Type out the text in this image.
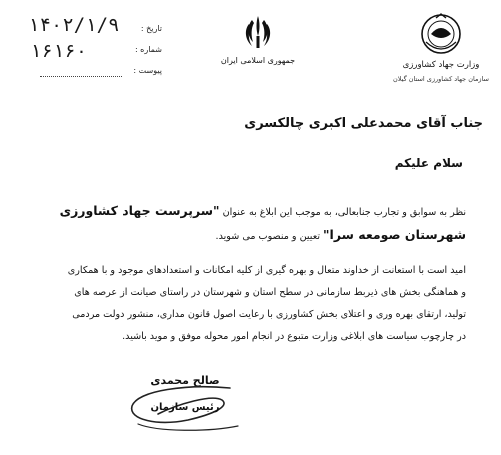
۱۴۰۲/۱/۹
۱۶۱۶۰
تاریخ :
شماره :
پیوست :
جمهوری اسلامی ایران	وزارت جهاد کشاورزی
سازمان جهاد کشاورزی استان گیلان
جناب آقای محمدعلی اکبری چالکسری
سلام علیکم
نظر به سوابق و تجارب جنابعالی، به موجب این ابلاغ به عنوان "سرپرست جهاد کشاورزی
شهرستان صومعه سرا" تعیین و منصوب می شوید.
امید است با استعانت از خداوند متعال و بهره گیری از کلیه امکانات و استعدادهای موجود و با همکاری
و هماهنگی بخش های ذیربط سازمانی در سطح استان و شهرستان در راستای صیانت از عرصه های
تولید، ارتقای بهره وری و اعتلای بخش کشاورزی با رعایت اصول قانون مداری، منشور دولت مردمی
در چارچوب سیاست های ابلاغی وزارت متبوع در انجام امور محوله موفق و موید باشید.
صالح محمدی
رئیس سازمان
